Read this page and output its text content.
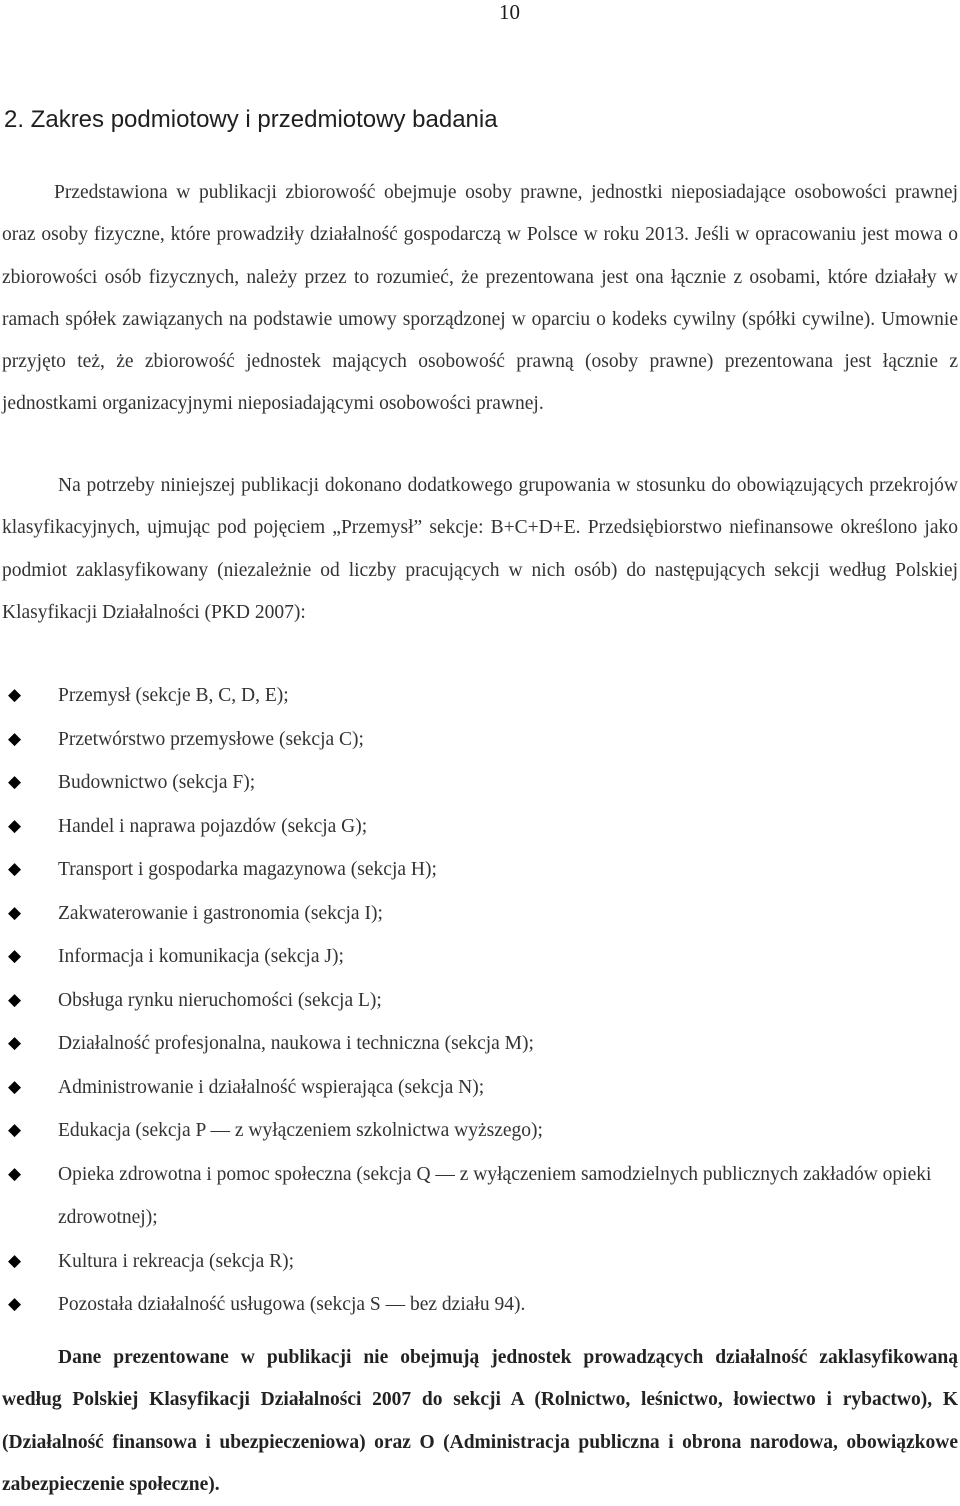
10
2. Zakres podmiotowy i przedmiotowy badania

Przedstawiona w publikacji zbiorowość obejmuje osoby prawne, jednostki nieposiadające osobowości prawnej oraz osoby fizyczne, które prowadziły działalność gospodarczą w Polsce w roku 2013. Jeśli w opracowaniu jest mowa o zbiorowości osób fizycznych, należy przez to rozumieć, że prezentowana jest ona łącznie z osobami, które działały w ramach spółek zawiązanych na podstawie umowy sporządzonej w oparciu o kodeks cywilny (spółki cywilne). Umownie przyjęto też, że zbiorowość jednostek mających osobowość prawną (osoby prawne) prezentowana jest łącznie z jednostkami organizacyjnymi nieposiadającymi osobowości prawnej.

Na potrzeby niniejszej publikacji dokonano dodatkowego grupowania w stosunku do obowiązujących przekrojów klasyfikacyjnych, ujmując pod pojęciem „Przemysł” sekcje: B+C+D+E. Przedsiębiorstwo niefinansowe określono jako podmiot zaklasyfikowany (niezależnie od liczby pracujących w nich osób) do następujących sekcji według Polskiej Klasyfikacji Działalności (PKD 2007):

◆ Przemysł (sekcje B, C, D, E);
◆ Przetwórstwo przemysłowe (sekcja C);
◆ Budownictwo (sekcja F);
◆ Handel i naprawa pojazdów (sekcja G);
◆ Transport i gospodarka magazynowa (sekcja H);
◆ Zakwaterowanie i gastronomia (sekcja I);
◆ Informacja i komunikacja (sekcja J);
◆ Obsługa rynku nieruchomości (sekcja L);
◆ Działalność profesjonalna, naukowa i techniczna (sekcja M);
◆ Administrowanie i działalność wspierająca (sekcja N);
◆ Edukacja (sekcja P — z wyłączeniem szkolnictwa wyższego);
◆ Opieka zdrowotna i pomoc społeczna (sekcja Q — z wyłączeniem samodzielnych publicznych zakładów opieki zdrowotnej);
◆ Kultura i rekreacja (sekcja R);
◆ Pozostała działalność usługowa (sekcja S — bez działu 94).

Dane prezentowane w publikacji nie obejmują jednostek prowadzących działalność zaklasyfikowaną według Polskiej Klasyfikacji Działalności 2007 do sekcji A (Rolnictwo, leśnictwo, łowiectwo i rybactwo), K (Działalność finansowa i ubezpieczeniowa) oraz O (Administracja publiczna i obrona narodowa, obowiązkowe zabezpieczenie społeczne).
